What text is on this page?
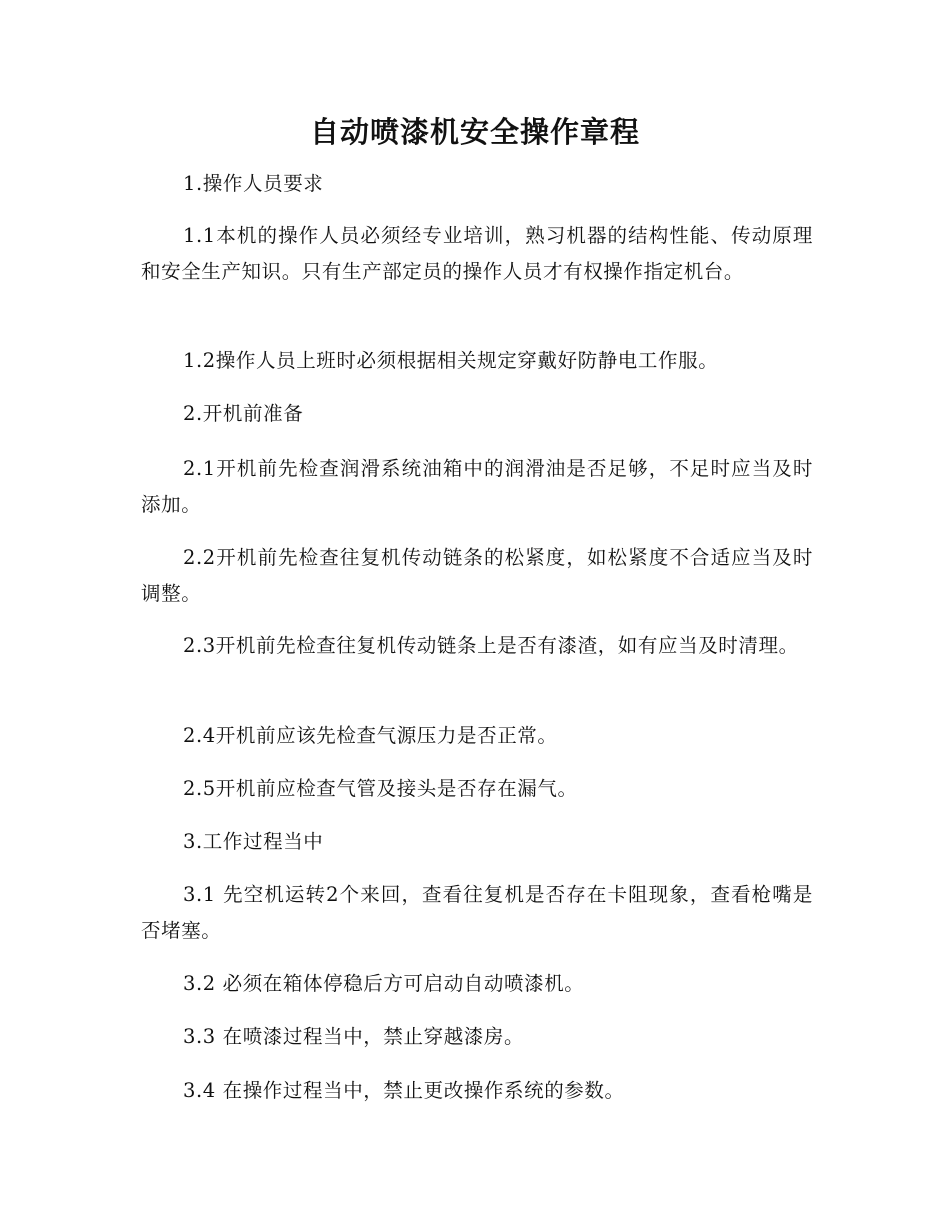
自动喷漆机安全操作章程
1.操作人员要求
1.1本机的操作人员必须经专业培训，熟习机器的结构性能、传动原理和安全生产知识。只有生产部定员的操作人员才有权操作指定机台。
1.2操作人员上班时必须根据相关规定穿戴好防静电工作服。
2.开机前准备
2.1开机前先检查润滑系统油箱中的润滑油是否足够，不足时应当及时添加。
2.2开机前先检查往复机传动链条的松紧度，如松紧度不合适应当及时调整。
2.3开机前先检查往复机传动链条上是否有漆渣，如有应当及时清理。
2.4开机前应该先检查气源压力是否正常。
2.5开机前应检查气管及接头是否存在漏气。
3.工作过程当中
3.1 先空机运转2个来回，查看往复机是否存在卡阻现象，查看枪嘴是否堵塞。
3.2 必须在箱体停稳后方可启动自动喷漆机。
3.3 在喷漆过程当中，禁止穿越漆房。
3.4 在操作过程当中，禁止更改操作系统的参数。
